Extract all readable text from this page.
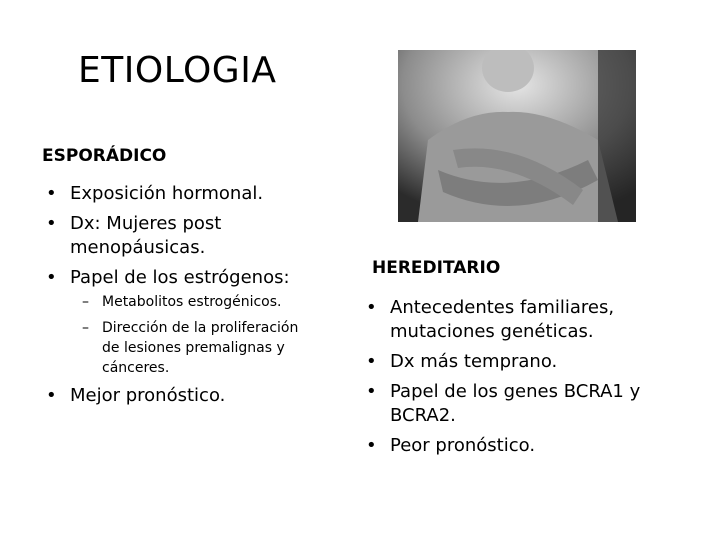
ETIOLOGIA
ESPORÁDICO
• Exposición hormonal.
• Dx: Mujeres post menopáusicas.
• Papel de los estrógenos:
– Metabolitos estrogénicos.
– Dirección de la proliferación de lesiones premalignas y cánceres.
• Mejor pronóstico.
HEREDITARIO
• Antecedentes familiares, mutaciones genéticas.
• Dx más temprano.
• Papel de los genes BCRA1 y BCRA2.
• Peor pronóstico.
